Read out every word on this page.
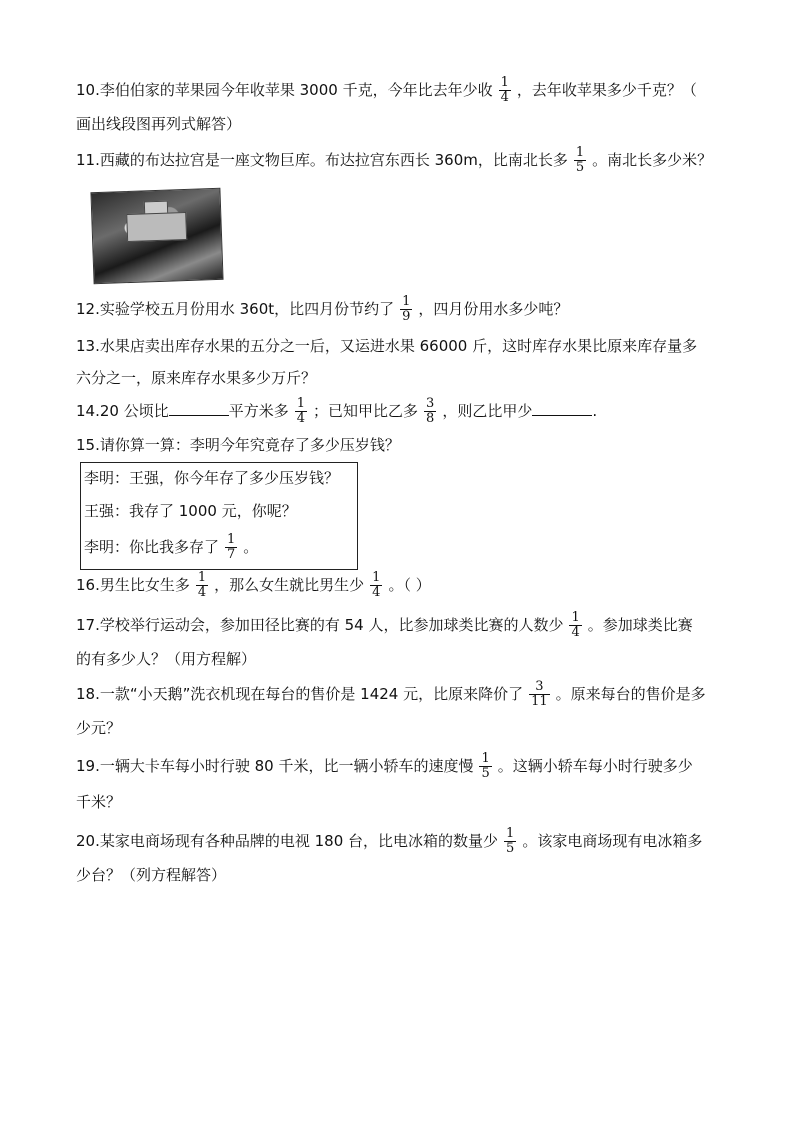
10.李伯伯家的苹果园今年收苹果 3000 千克，今年比去年少收 $\frac{1}{4}$ ，去年收苹果多少千克？（
画出线段图再列式解答）
11.西藏的布达拉宫是一座文物巨库。布达拉宫东西长 360m，比南北长多 $\frac{1}{5}$ 。南北长多少米？
12.实验学校五月份用水 360t，比四月份节约了 $\frac{1}{9}$ ，四月份用水多少吨？
13.水果店卖出库存水果的五分之一后，又运进水果 66000 斤，这时库存水果比原来库存量多
六分之一，原来库存水果多少万斤？
14.20 公顷比	平方米多 $\frac{1}{4}$ ；已知甲比乙多 $\frac{3}{8}$ ，则乙比甲少	.
15.请你算一算：李明今年究竟存了多少压岁钱？
李明：王强，你今年存了多少压岁钱？
王强：我存了 1000 元，你呢？
李明：你比我多存了 $\frac{1}{7}$ 。
16.男生比女生多 $\frac{1}{4}$ ，那么女生就比男生少 $\frac{1}{4}$ 。（ ）
17.学校举行运动会，参加田径比赛的有 54 人，比参加球类比赛的人数少 $\frac{1}{4}$ 。参加球类比赛
的有多少人？（用方程解）
18.一款“小天鹅”洗衣机现在每台的售价是 1424 元，比原来降价了 $\frac{3}{11}$ 。原来每台的售价是多
少元？
19.一辆大卡车每小时行驶 80 千米，比一辆小轿车的速度慢 $\frac{1}{5}$ 。这辆小轿车每小时行驶多少
千米？
20.某家电商场现有各种品牌的电视 180 台，比电冰箱的数量少 $\frac{1}{5}$ 。该家电商场现有电冰箱多
少台？（列方程解答）
